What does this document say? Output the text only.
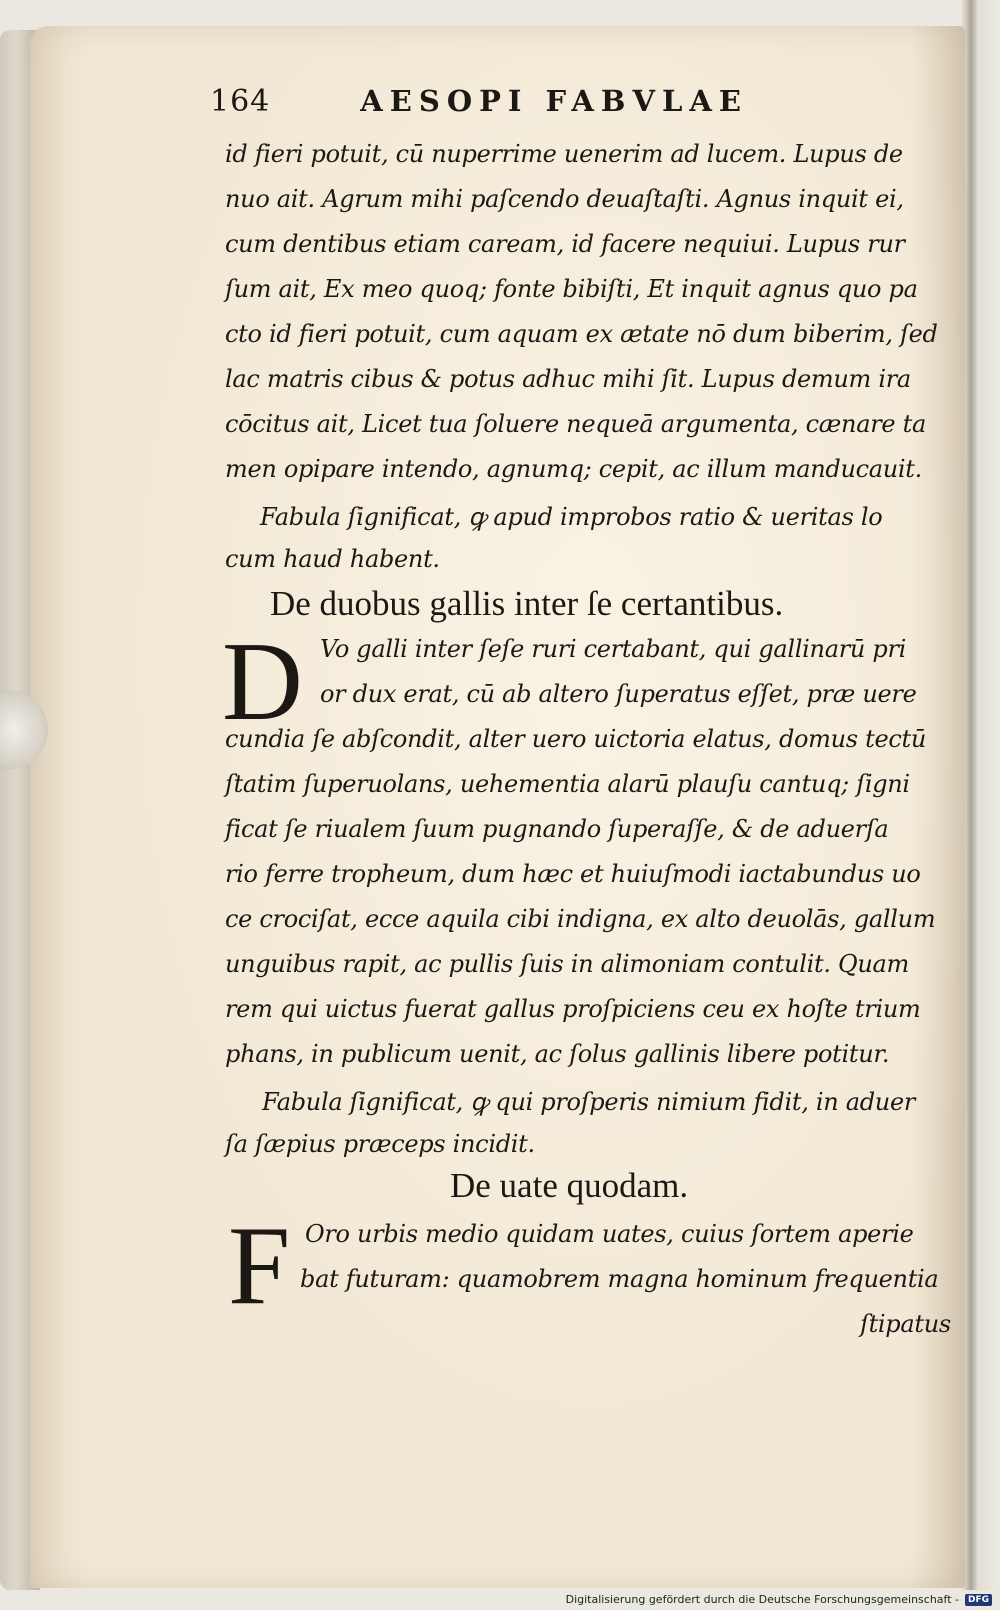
164	AESOPI FABVLAE
id fieri potuit, cū nuperrime uenerim ad lucem. Lupus de
nuo ait. Agrum mihi paſcendo deuaſtaſti. Agnus inquit ei,
cum dentibus etiam caream, id facere nequiui. Lupus rur
ſum ait, Ex meo quoq; fonte bibiſti, Et inquit agnus quo pa
cto id fieri potuit, cum aquam ex ætate nō dum biberim, ſed
lac matris cibus & potus adhuc mihi ſit. Lupus demum ira
cōcitus ait, Licet tua ſoluere nequeā argumenta, cænare ta
men opipare intendo, agnumq; cepit, ac illum manducauit.
Fabula ſignificat, ꝙ apud improbos ratio & ueritas lo
cum haud habent.
De duobus gallis inter ſe certantibus.
D Vo galli inter ſeſe ruri certabant, qui gallinarū pri
or dux erat, cū ab altero ſuperatus eſſet, præ uere
cundia ſe abſcondit, alter uero uictoria elatus, domus tectū
ſtatim ſuperuolans, uehementia alarū plauſu cantuq; ſigni
ficat ſe riualem ſuum pugnando ſuperaſſe, & de aduerſa
rio ferre tropheum, dum hæc et huiuſmodi iactabundus uo
ce crociſat, ecce aquila cibi indigna, ex alto deuolās, gallum
unguibus rapit, ac pullis ſuis in alimoniam contulit. Quam
rem qui uictus fuerat gallus proſpiciens ceu ex hoſte trium
phans, in publicum uenit, ac ſolus gallinis libere potitur.
Fabula ſignificat, ꝙ qui proſperis nimium fidit, in aduer
ſa ſæpius præceps incidit.
De uate quodam.
F Oro urbis medio quidam uates, cuius ſortem aperie
bat futuram: quamobrem magna hominum frequentia
ſtipatus
Digitalisierung gefördert durch die Deutsche Forschungsgemeinschaft -	DFG
